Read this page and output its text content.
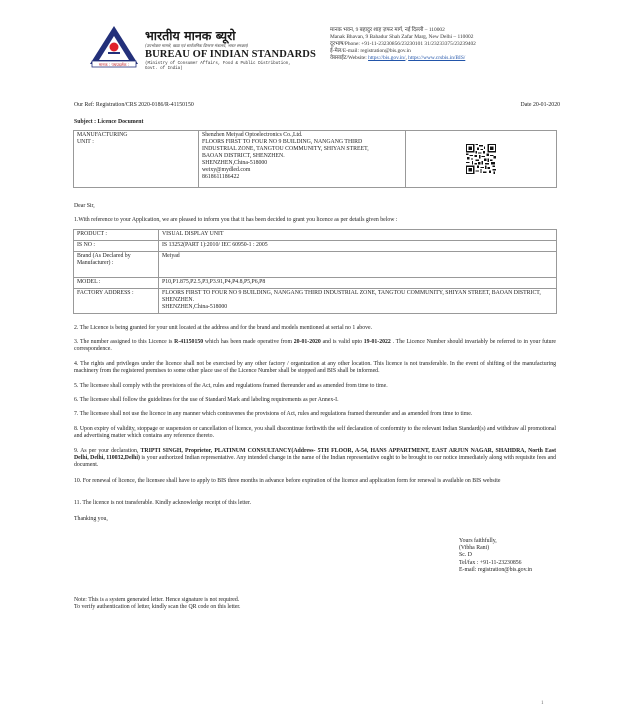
मानक : पथप्रदर्शक :
भारतीय मानक ब्यूरो
(उपभोक्ता मामले, खाद्य एवं सार्वजनिक वितरण मंत्रालय, भारत सरकार)
BUREAU OF INDIAN STANDARDS
(Ministry of Consumer Affairs, Food & Public Distribution, Govt. of India)
मानक भवन, 9 बहादुर शाह ज़फर मार्ग, नई दिल्ली – 110002
Manak Bhavan, 9 Bahadur Shah Zafar Marg, New Delhi – 110002
दूरभाष/Phone: +91-11-23230856/23230101 31/23233375/23239402
ई-मेल/E-mail: registration@bis.gov.in
वेबसाईट/Website: https://bis.gov.in/, https://www.crsbis.in/BIS/
Our Ref: Registration/CRS 2020-0186/R-41150150	Date 20-01-2020
Subject : Licence Document
MANUFACTURING
UNIT :	
Shenzhen Meiyad Optoelectronics Co.,Ltd.
FLOORS FIRST TO FOUR NO 9 BUILDING, NANGANG THIRD
INDUSTRIAL ZONE, TANGTOU COMMUNITY, SHIYAN STREET,
BAOAN DISTRICT, SHENZHEN.
SHENZHEN,China-518000
weixy@mydled.com
8618611186422

Dear Sir,
1.With reference to your Application, we are pleased to inform you that it has been decided to grant you licence as per details given below :
PRODUCT :	VISUAL DISPLAY UNIT
IS NO :	IS 13252(PART 1):2010/ IEC 60950-1 : 2005
Brand (As Declared by Manufacturer) :	Meiyad
MODEL :	P10,P1.875,P2.5,P3,P3.91,P4,P4.8,P5,P6,P8
FACTORY ADDRESS :	FLOORS FIRST TO FOUR NO 9 BUILDING, NANGANG THIRD INDUSTRIAL ZONE, TANGTOU COMMUNITY, SHIYAN STREET, BAOAN DISTRICT, SHENZHEN.
SHENZHEN,China-518000
2. The Licence is being granted for your unit located at the address and for the brand and models mentioned at serial no 1 above.
3. The number assigned to this Licence is R-41150150 which has been made operative from 20-01-2020 and is valid upto 19-01-2022 . The Licence Number should invariably be referred to in your future correspondence.
4. The rights and privileges under the licence shall not be exercised by any other factory / organization at any other location. This licence is not transferable. In the event of shifting of the manufacturing machinery from the registered premises to some other place use of the Licence Number shall be stopped and BIS shall be informed.
5. The licensee shall comply with the provisions of the Act, rules and regulations framed thereunder and as amended from time to time.
6. The licensee shall follow the guidelines for the use of Standard Mark and labeling requirements as per Annex-I.
7. The licensee shall not use the licence in any manner which contravenes the provisions of Act, rules and regulations framed thereunder and as amended from time to time.
8. Upon expiry of validity, stoppage or suspension or cancellation of licence, you shall discontinue forthwith the self declaration of conformity to the relevant Indian Standard(s) and withdraw all promotional and advertising matter which contains any reference thereto.
9. As per your declaration, TRIPTI SINGH, Proprietor, PLATINUM CONSULTANCY(Address- 5TH FLOOR, A-54, HANS APPARTMENT, EAST ARJUN NAGAR, SHAHDRA, North East Delhi, Delhi, 110032,Delhi) is your authorized Indian representative. Any intended change in the name of the Indian representative ought to be brought to our notice immediately along with requisite fees and document.
10. For renewal of licence, the licensee shall have to apply to BIS three months in advance before expiration of the licence and application form for renewal is available on BIS website
11. The licence is not transferable. Kindly acknowledge receipt of this letter.
Thanking you,
Yours faithfully,
(Vibha Rani)
Sc. D
Tel/fax : +91-11-23230856
E-mail: registration@bis.gov.in
Note: This is a system generated letter. Hence signature is not required.
To verify authentication of letter, kindly scan the QR code on this letter.
1
